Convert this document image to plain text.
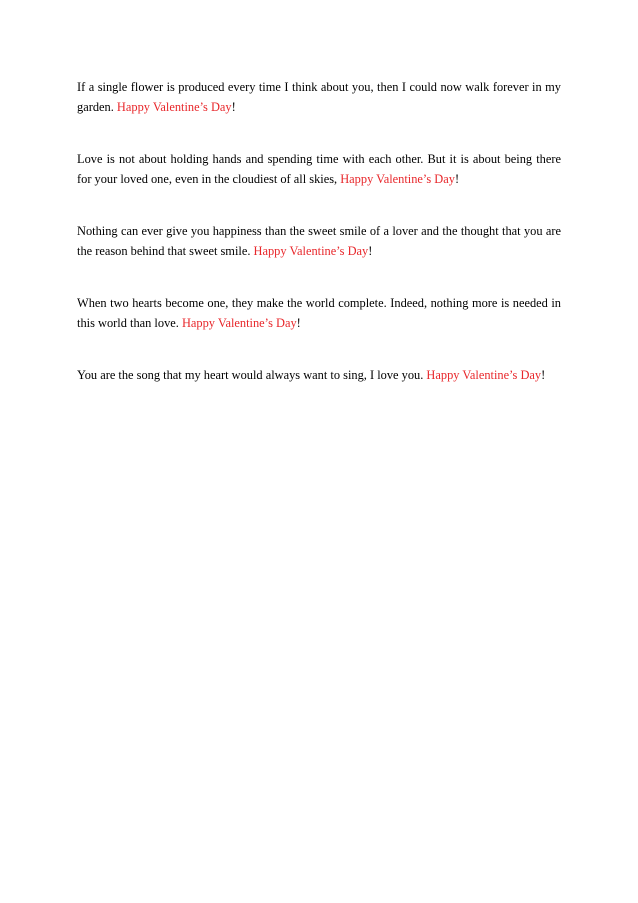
If a single flower is produced every time I think about you, then I could now walk forever in my garden. Happy Valentine’s Day!

Love is not about holding hands and spending time with each other. But it is about being there for your loved one, even in the cloudiest of all skies, Happy Valentine’s Day!

Nothing can ever give you happiness than the sweet smile of a lover and the thought that you are the reason behind that sweet smile. Happy Valentine’s Day!

When two hearts become one, they make the world complete. Indeed, nothing more is needed in this world than love. Happy Valentine’s Day!

You are the song that my heart would always want to sing, I love you. Happy Valentine’s Day!
